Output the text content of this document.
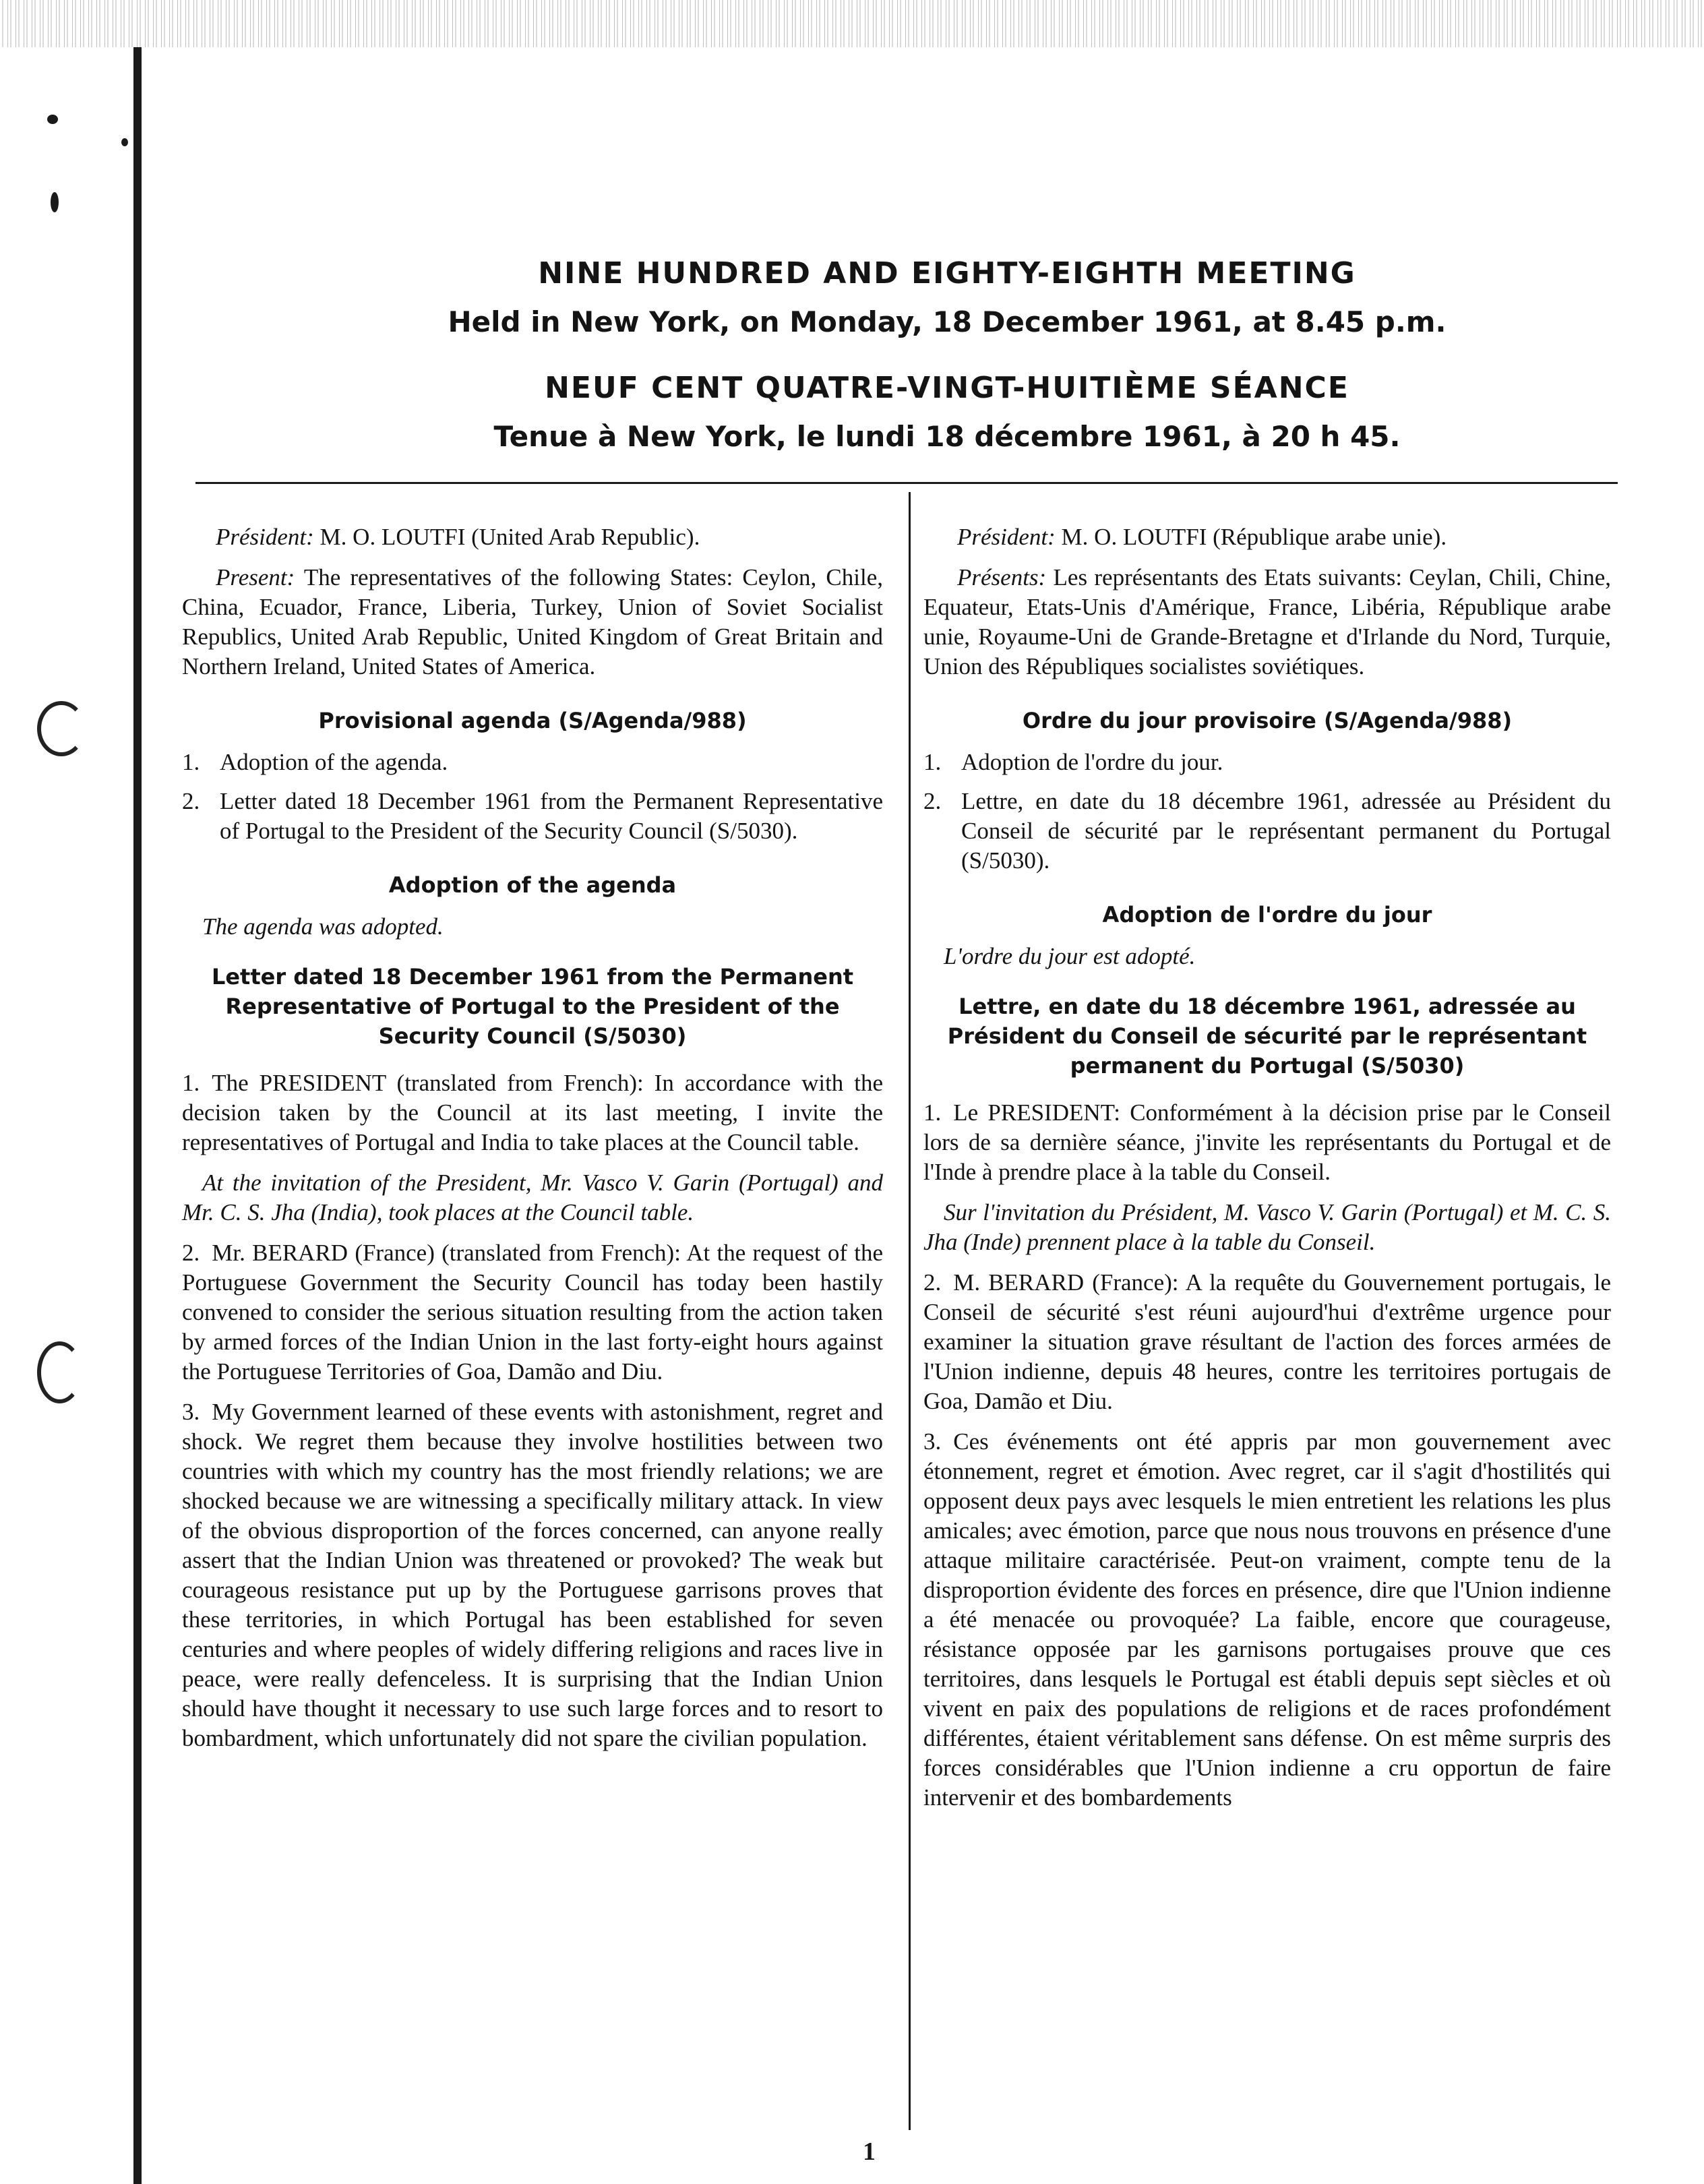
NINE HUNDRED AND EIGHTY-EIGHTH MEETING
Held in New York, on Monday, 18 December 1961, at 8.45 p.m.
NEUF CENT QUATRE-VINGT-HUITIÈME SÉANCE
Tenue à New York, le lundi 18 décembre 1961, à 20 h 45.

Président: M. O. LOUTFI (United Arab Republic).

Present: The representatives of the following States: Ceylon, Chile, China, Ecuador, France, Liberia, Turkey, Union of Soviet Socialist Republics, United Arab Republic, United Kingdom of Great Britain and Northern Ireland, United States of America.

Provisional agenda (S/Agenda/988)
1. Adoption of the agenda.
2. Letter dated 18 December 1961 from the Permanent Representative of Portugal to the President of the Security Council (S/5030).
Adoption of the agenda

The agenda was adopted.

Letter dated 18 December 1961 from the Permanent Representative of Portugal to the President of the Security Council (S/5030)

1. The PRESIDENT (translated from French): In accordance with the decision taken by the Council at its last meeting, I invite the representatives of Portugal and India to take places at the Council table.

At the invitation of the President, Mr. Vasco V. Garin (Portugal) and Mr. C. S. Jha (India), took places at the Council table.

2. Mr. BERARD (France) (translated from French): At the request of the Portuguese Government the Security Council has today been hastily convened to consider the serious situation resulting from the action taken by armed forces of the Indian Union in the last forty-eight hours against the Portuguese Territories of Goa, Damão and Diu.

3. My Government learned of these events with astonishment, regret and shock. We regret them because they involve hostilities between two countries with which my country has the most friendly relations; we are shocked because we are witnessing a specifically military attack. In view of the obvious disproportion of the forces concerned, can anyone really assert that the Indian Union was threatened or provoked? The weak but courageous resistance put up by the Portuguese garrisons proves that these territories, in which Portugal has been established for seven centuries and where peoples of widely differing religions and races live in peace, were really defenceless. It is surprising that the Indian Union should have thought it necessary to use such large forces and to resort to bombardment, which unfortunately did not spare the civilian population.

Président: M. O. LOUTFI (République arabe unie).

Présents: Les représentants des Etats suivants: Ceylan, Chili, Chine, Equateur, Etats-Unis d'Amérique, France, Libéria, République arabe unie, Royaume-Uni de Grande-Bretagne et d'Irlande du Nord, Turquie, Union des Républiques socialistes soviétiques.

Ordre du jour provisoire (S/Agenda/988)
1. Adoption de l'ordre du jour.
2. Lettre, en date du 18 décembre 1961, adressée au Président du Conseil de sécurité par le représentant permanent du Portugal (S/5030).
Adoption de l'ordre du jour

L'ordre du jour est adopté.

Lettre, en date du 18 décembre 1961, adressée au Président du Conseil de sécurité par le représentant permanent du Portugal (S/5030)

1. Le PRESIDENT: Conformément à la décision prise par le Conseil lors de sa dernière séance, j'invite les représentants du Portugal et de l'Inde à prendre place à la table du Conseil.

Sur l'invitation du Président, M. Vasco V. Garin (Portugal) et M. C. S. Jha (Inde) prennent place à la table du Conseil.

2. M. BERARD (France): A la requête du Gouvernement portugais, le Conseil de sécurité s'est réuni aujourd'hui d'extrême urgence pour examiner la situation grave résultant de l'action des forces armées de l'Union indienne, depuis 48 heures, contre les territoires portugais de Goa, Damão et Diu.

3. Ces événements ont été appris par mon gouvernement avec étonnement, regret et émotion. Avec regret, car il s'agit d'hostilités qui opposent deux pays avec lesquels le mien entretient les relations les plus amicales; avec émotion, parce que nous nous trouvons en présence d'une attaque militaire caractérisée. Peut-on vraiment, compte tenu de la disproportion évidente des forces en présence, dire que l'Union indienne a été menacée ou provoquée? La faible, encore que courageuse, résistance opposée par les garnisons portugaises prouve que ces territoires, dans lesquels le Portugal est établi depuis sept siècles et où vivent en paix des populations de religions et de races profondément différentes, étaient véritablement sans défense. On est même surpris des forces considérables que l'Union indienne a cru opportun de faire intervenir et des bombardements

1
